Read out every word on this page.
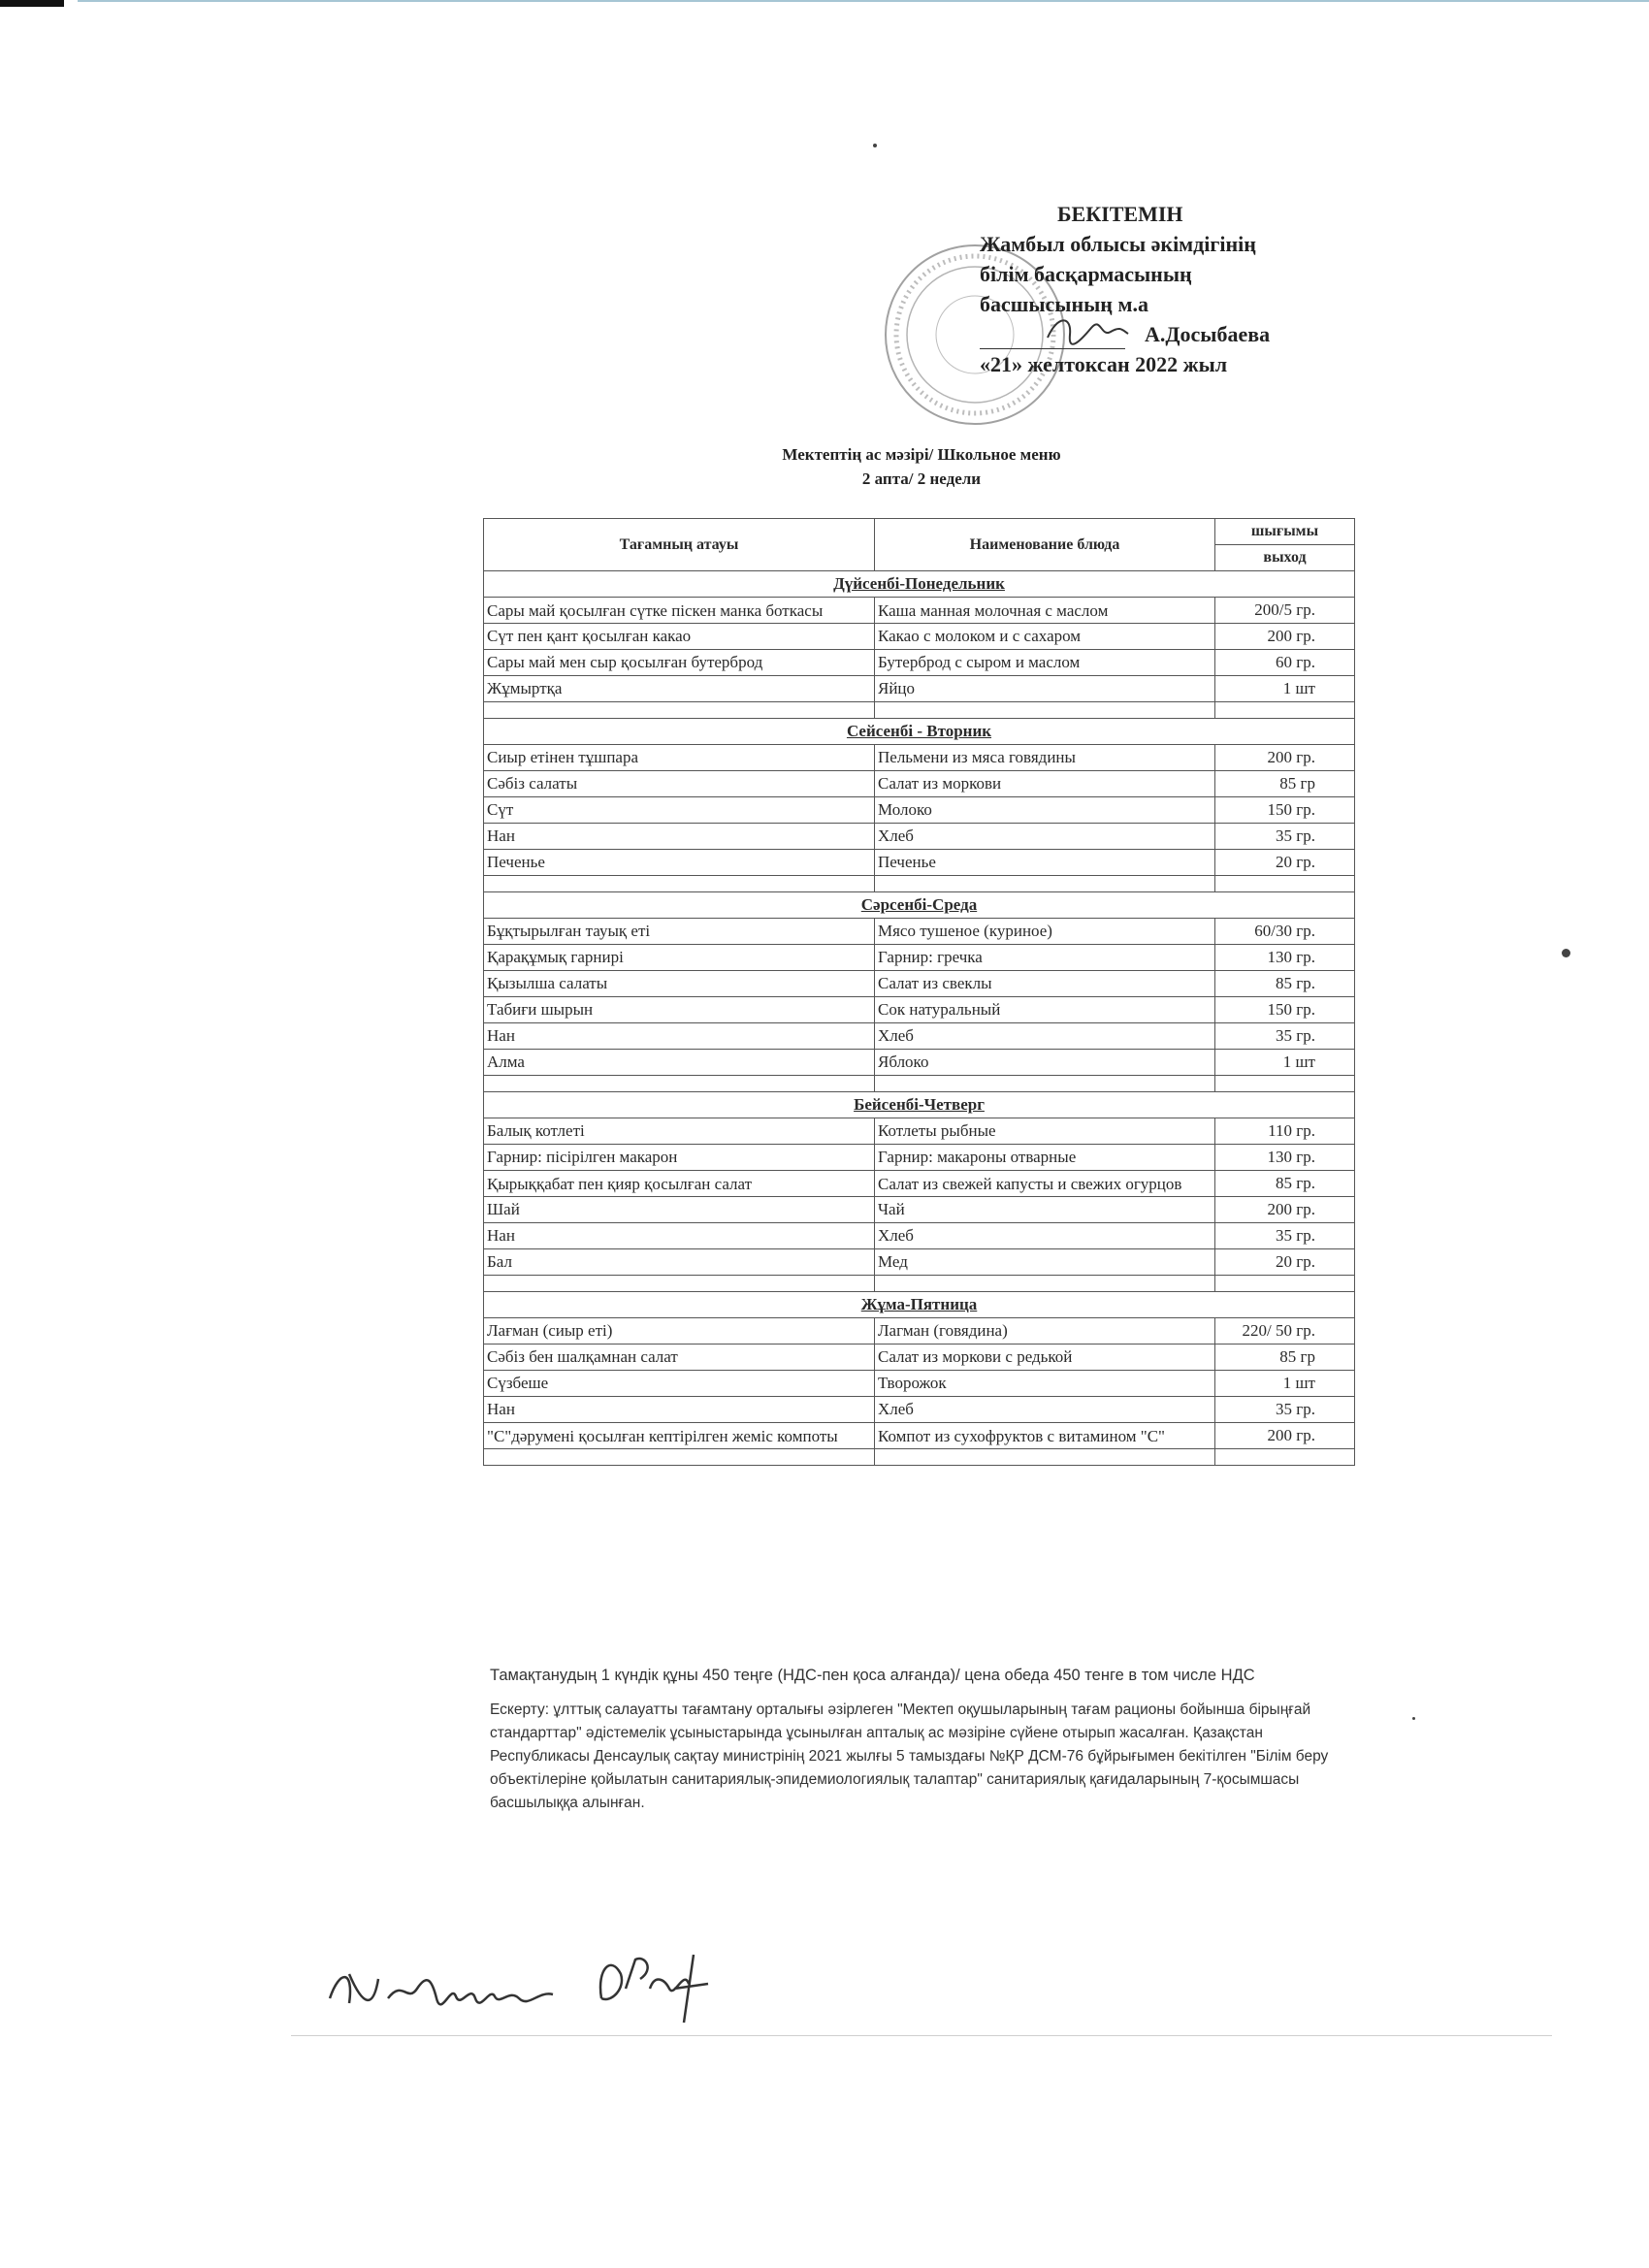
БЕКІТЕМІН
Жамбыл облысы әкімдігінің
білім басқармасының
басшысының м.а
А.Досыбаева
«21» желтоксан 2022 жыл
Мектептің ас мәзірі/ Школьное меню
2 апта/ 2 недели
Тағамның атауы	Наименование блюда	шығымы
		выход
Дүйсенбі-Понедельник		
Сары май қосылған сүтке піскен манка боткасы	Каша манная молочная с маслом	200/5 гр.
Сүт пен қант қосылған какао	Какао с молоком и с сахаром	200 гр.
Сары май мен сыр қосылған бутерброд	Бутерброд с сыром и маслом	60 гр.
Жұмыртқа	Яйцо	1 шт

Сейсенбі - Вторник		
Сиыр етінен тұшпара	Пельмени из мяса говядины	200 гр.
Сәбіз салаты	Салат из моркови	85 гр
Сүт	Молоко	150 гр.
Нан	Хлеб	35 гр.
Печенье	Печенье	20 гр.

Сәрсенбі-Среда		
Бұқтырылған тауық еті	Мясо тушеное (куриное)	60/30 гр.
Қарақұмық гарнирі	Гарнир: гречка	130 гр.
Қызылша салаты	Салат из свеклы	85 гр.
Табиғи шырын	Сок натуральный	150 гр.
Нан	Хлеб	35 гр.
Алма	Яблоко	1 шт

Бейсенбі-Четверг		
Балық котлеті	Котлеты рыбные	110 гр.
Гарнир: пісірілген макарон	Гарнир: макароны отварные	130 гр.
Қырыққабат пен қияр қосылған салат	Салат из свежей капусты и свежих огурцов	85 гр.
Шай	Чай	200 гр.
Нан	Хлеб	35 гр.
Бал	Мед	20 гр.

Жұма-Пятница		
Лағман (сиыр еті)	Лагман (говядина)	220/ 50 гр.
Сәбіз бен шалқамнан салат	Салат из моркови с редькой	85 гр
Сүзбеше	Творожок	1 шт
Нан	Хлеб	35 гр.
"С"дәруменi қосылған кептірілген жеміс компоты	Компот из сухофруктов с витамином "С"	200 гр.

Тамақтанудың 1 күндік құны 450 теңге (НДС-пен қоса алғанда)/ цена обеда 450 тенге в том числе НДС
Ескерту: ұлттық салауатты тағамтану орталығы әзірлеген "Мектеп оқушыларының тағам рационы бойынша бірыңғай стандарттар" әдістемелік ұсыныстарында ұсынылған апталық ас мәзіріне сүйене отырып жасалған. Қазақстан Республикасы Денсаулық сақтау министрінің 2021 жылғы 5 тамыздағы №ҚР ДСМ-76 бұйрығымен бекітілген "Білім беру объектілеріне қойылатын санитариялық-эпидемиологиялық талаптар" санитариялық қағидаларының 7-қосымшасы басшылыққа алынған.
